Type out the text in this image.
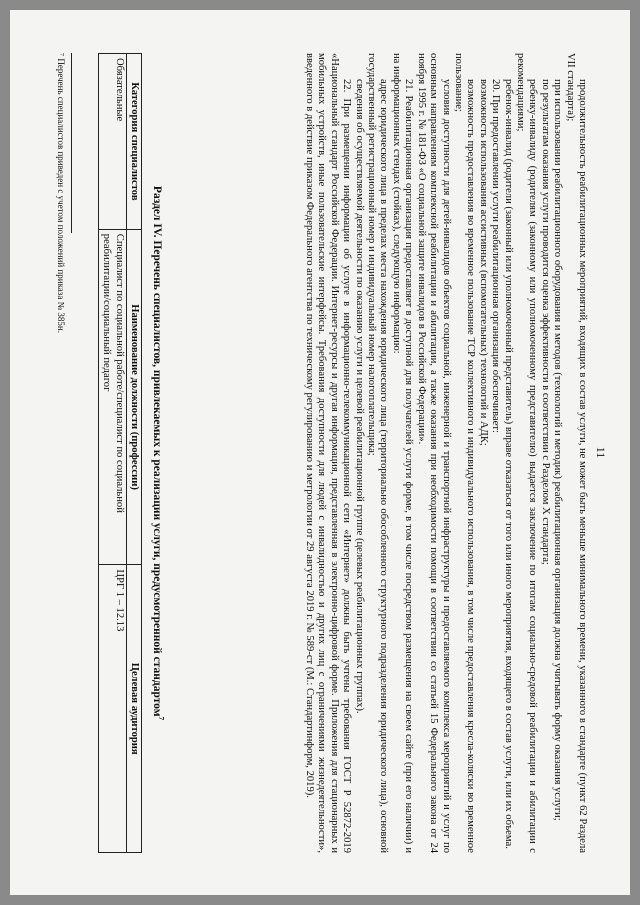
11

продолжительность реабилитационных мероприятий, входящих в состав услуги, не может быть меньше минимального времени, указанного в стандарте (пункт 62 Раздела VII стандарта);

при использовании реабилитационного оборудования и методов (технологий и методик) реабилитационная организация должна учитывать форму оказания услуги;

по результатам оказания услуги проводится оценка эффективности в соответствии с Разделом X стандарта;

ребенку-инвалиду (родителям (законному или уполномоченному представителю) выдается заключение по итогам социально-средовой реабилитации и абилитации с рекомендациями;

ребенок-инвалид (родители (законный или уполномоченный представитель) вправе отказаться от того или иного мероприятия, входящего в состав услуги, или их объема.

20. При предоставлении услуги реабилитационная организация обеспечивает:

возможность использования ассистивных (вспомогательных) технологий и АДК;

возможность предоставления во временное пользование ТСР коллективного и индивидуального использования, в том числе предоставления кресла-коляски во временное пользование;

условия доступности для детей-инвалидов объектов социальной, инженерной и транспортной инфраструктуры и предоставляемого комплекса мероприятий и услуг по основным направлениям комплексной реабилитации и абилитации, а также оказания при необходимости помощи в соответствии со статьей 15 Федерального закона от 24 ноября 1995 г. № 181-ФЗ «О социальной защите инвалидов в Российской Федерации».

21. Реабилитационная организация предоставляет в доступной для получателей услуги форме, в том числе посредством размещения на своем сайте (при его наличии) и на информационных стендах (стойках), следующую информацию:

адрес юридического лица в пределах места нахождения юридического лица (территориально обособленного структурного подразделения юридического лица), основной государственный регистрационный номер и индивидуальный номер налогоплательщика;

сведения об осуществляемой деятельности по оказанию услуги и целевой реабилитационной группе (целевых реабилитационных группах).

22. При размещении информации об услуге в информационно-телекоммуникационной сети «Интернет» должны быть учтены требования ГОСТ Р 52872-2019 «Национальный стандарт Российской Федерации. Интернет-ресурсы и другая информация, представленная в электронно-цифровой форме. Приложения для стационарных и мобильных устройств, иные пользовательские интерфейсы. Требования доступности для людей с инвалидностью и других лиц с ограничениями жизнедеятельности», введенного в действие приказом Федерального агентства по техническому регулированию и метрологии от 29 августа 2019 г. № 589-ст (М.: Стандартинформ, 2019).

Раздел IV. Перечень специалистов, привлекаемых к реализации услуги, предусмотренной стандартом$^7$
Категория специалистов	Наименование должности (профессии)	Целевая аудитория
Обязательные	Специалист по социальной работе/специалист по социальной реабилитации/социальный педагог	ЦРГ 1 – 12.13
⁷ Перечень специалистов приведен с учетом положений приказа № 385н.
